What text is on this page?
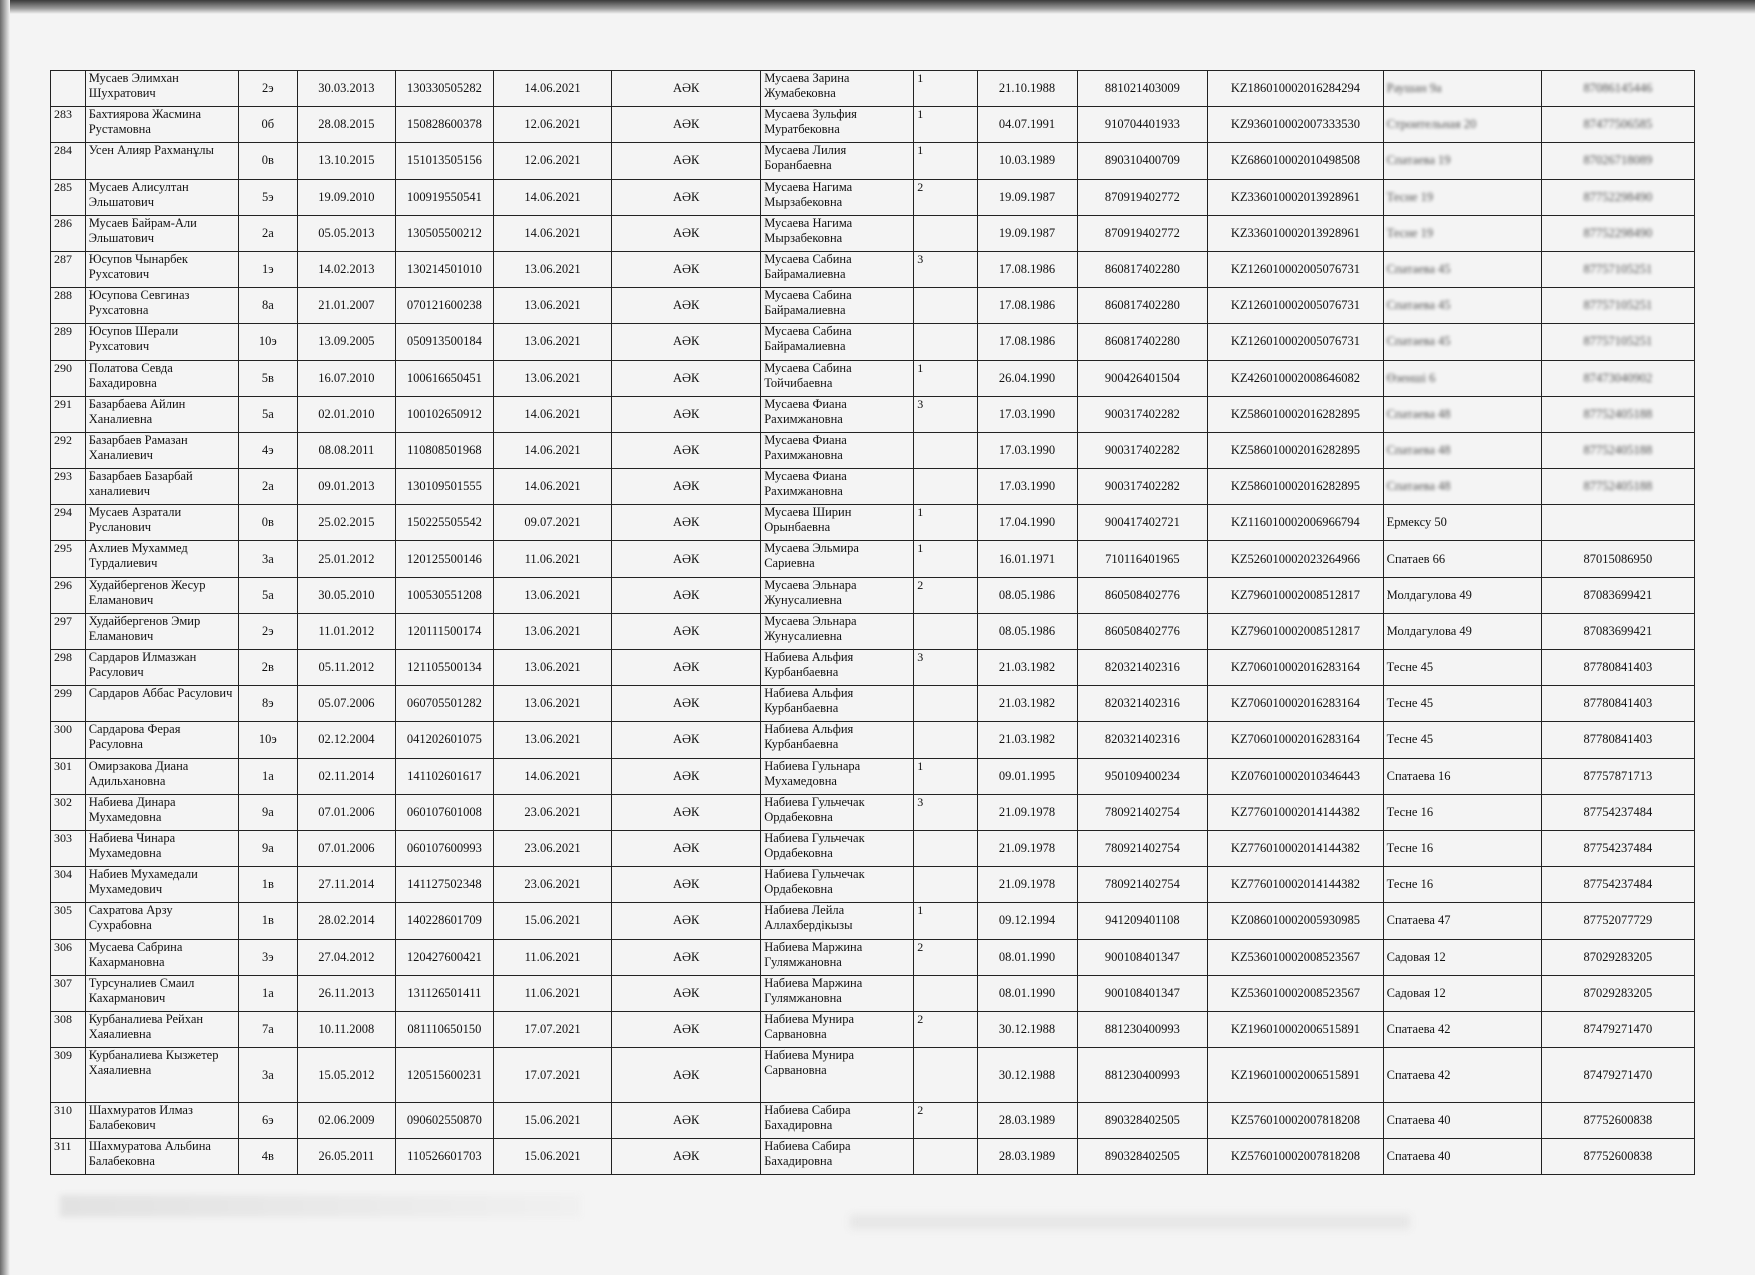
	Мусаев Элимхан Шухратович	2э	30.03.2013	130330505282	14.06.2021	АӘК	Мусаева Зарина Жумабековна	1	21.10.1988	881021403009	KZ186010002016284294	Раушан 9а	87086145446
283	Бахтиярова Жасмина Рустамовна	0б	28.08.2015	150828600378	12.06.2021	АӘК	Мусаева Зульфия Муратбековна	1	04.07.1991	910704401933	KZ936010002007333530	Строительная 20	87477506585
284	Усен Алияр Рахманұлы	0в	13.10.2015	151013505156	12.06.2021	АӘК	Мусаева Лилия Боранбаевна	1	10.03.1989	890310400709	KZ686010002010498508	Спатаева 19	87026718089
285	Мусаев Алисултан Эльшатович	5э	19.09.2010	100919550541	14.06.2021	АӘК	Мусаева Нагима Мырзабековна	2	19.09.1987	870919402772	KZ336010002013928961	Тесне 19	87752298490
286	Мусаев Байрам-Али Эльшатович	2а	05.05.2013	130505500212	14.06.2021	АӘК	Мусаева Нагима Мырзабековна		19.09.1987	870919402772	KZ336010002013928961	Тесне 19	87752298490
287	Юсупов Чынарбек Рухсатович	1э	14.02.2013	130214501010	13.06.2021	АӘК	Мусаева Сабина Байрамалиевна	3	17.08.1986	860817402280	KZ126010002005076731	Спатаева 45	87757105251
288	Юсупова Севгиназ Рухсатовна	8а	21.01.2007	070121600238	13.06.2021	АӘК	Мусаева Сабина Байрамалиевна		17.08.1986	860817402280	KZ126010002005076731	Спатаева 45	87757105251
289	Юсупов Шерали Рухсатович	10э	13.09.2005	050913500184	13.06.2021	АӘК	Мусаева Сабина Байрамалиевна		17.08.1986	860817402280	KZ126010002005076731	Спатаева 45	87757105251
290	Полатова Севда Бахадировна	5в	16.07.2010	100616650451	13.06.2021	АӘК	Мусаева Сабина Тойчибаевна	1	26.04.1990	900426401504	KZ426010002008646082	Өзеншi 6	87473040902
291	Базарбаева Айлин Ханалиевна	5а	02.01.2010	100102650912	14.06.2021	АӘК	Мусаева Фиана Рахимжановна	3	17.03.1990	900317402282	KZ586010002016282895	Спатаева 48	87752405188
292	Базарбаев Рамазан Ханалиевич	4э	08.08.2011	110808501968	14.06.2021	АӘК	Мусаева Фиана Рахимжановна		17.03.1990	900317402282	KZ586010002016282895	Спатаева 48	87752405188
293	Базарбаев Базарбай ханалиевич	2а	09.01.2013	130109501555	14.06.2021	АӘК	Мусаева Фиана Рахимжановна		17.03.1990	900317402282	KZ586010002016282895	Спатаева 48	87752405188
294	Мусаев Азратали Русланович	0в	25.02.2015	150225505542	09.07.2021	АӘК	Мусаева Ширин Орынбаевна	1	17.04.1990	900417402721	KZ116010002006966794	Ермексу 50	
295	Ахлиев Мухаммед Турдалиевич	3а	25.01.2012	120125500146	11.06.2021	АӘК	Мусаева Эльмира Сариевна	1	16.01.1971	710116401965	KZ526010002023264966	Спатаев 66	87015086950
296	Худайбергенов Жесур Еламанович	5а	30.05.2010	100530551208	13.06.2021	АӘК	Мусаева Эльнара Жунусалиевна	2	08.05.1986	860508402776	KZ796010002008512817	Молдагулова 49	87083699421
297	Худайбергенов Эмир Еламанович	2э	11.01.2012	120111500174	13.06.2021	АӘК	Мусаева Эльнара Жунусалиевна		08.05.1986	860508402776	KZ796010002008512817	Молдагулова 49	87083699421
298	Сардаров Илмазжан Расулович	2в	05.11.2012	121105500134	13.06.2021	АӘК	Набиева Альфия Курбанбаевна	3	21.03.1982	820321402316	KZ706010002016283164	Тесне 45	87780841403
299	Сардаров Аббас Расулович	8э	05.07.2006	060705501282	13.06.2021	АӘК	Набиева Альфия Курбанбаевна		21.03.1982	820321402316	KZ706010002016283164	Тесне 45	87780841403
300	Сардарова Ферая Расуловна	10э	02.12.2004	041202601075	13.06.2021	АӘК	Набиева Альфия Курбанбаевна		21.03.1982	820321402316	KZ706010002016283164	Тесне 45	87780841403
301	Омирзакова Диана Адильхановна	1а	02.11.2014	141102601617	14.06.2021	АӘК	Набиева Гульнара Мухамедовна	1	09.01.1995	950109400234	KZ076010002010346443	Спатаева 16	87757871713
302	Набиева Динара Мухамедовна	9а	07.01.2006	060107601008	23.06.2021	АӘК	Набиева Гульчечак Ордабековна	3	21.09.1978	780921402754	KZ776010002014144382	Тесне 16	87754237484
303	Набиева Чинара Мухамедовна	9а	07.01.2006	060107600993	23.06.2021	АӘК	Набиева Гульчечак Ордабековна		21.09.1978	780921402754	KZ776010002014144382	Тесне 16	87754237484
304	Набиев Мухамедали Мухамедович	1в	27.11.2014	141127502348	23.06.2021	АӘК	Набиева Гульчечак Ордабековна		21.09.1978	780921402754	KZ776010002014144382	Тесне 16	87754237484
305	Сахратова Арзу Сухрабовна	1в	28.02.2014	140228601709	15.06.2021	АӘК	Набиева Лейла Аллахбердiкызы	1	09.12.1994	941209401108	KZ086010002005930985	Спатаева 47	87752077729
306	Мусаева Сабрина Кахармановна	3э	27.04.2012	120427600421	11.06.2021	АӘК	Набиева Маржина Гулямжановна	2	08.01.1990	900108401347	KZ536010002008523567	Садовая 12	87029283205
307	Турсуналиев Смаил Кахарманович	1а	26.11.2013	131126501411	11.06.2021	АӘК	Набиева Маржина Гулямжановна		08.01.1990	900108401347	KZ536010002008523567	Садовая 12	87029283205
308	Курбаналиева Рейхан Хаяалиевна	7а	10.11.2008	081110650150	17.07.2021	АӘК	Набиева Мунира Сарвановна	2	30.12.1988	881230400993	KZ196010002006515891	Спатаева 42	87479271470
309	Курбаналиева Кызжетер Хаяалиевна	3а	15.05.2012	120515600231	17.07.2021	АӘК	Набиева Мунира Сарвановна		30.12.1988	881230400993	KZ196010002006515891	Спатаева 42	87479271470
310	Шахмуратов Илмаз Балабекович	6э	02.06.2009	090602550870	15.06.2021	АӘК	Набиева Сабира Бахадировна	2	28.03.1989	890328402505	KZ576010002007818208	Спатаева 40	87752600838
311	Шахмуратова Альбина Балабековна	4в	26.05.2011	110526601703	15.06.2021	АӘК	Набиева Сабира Бахадировна		28.03.1989	890328402505	KZ576010002007818208	Спатаева 40	87752600838
